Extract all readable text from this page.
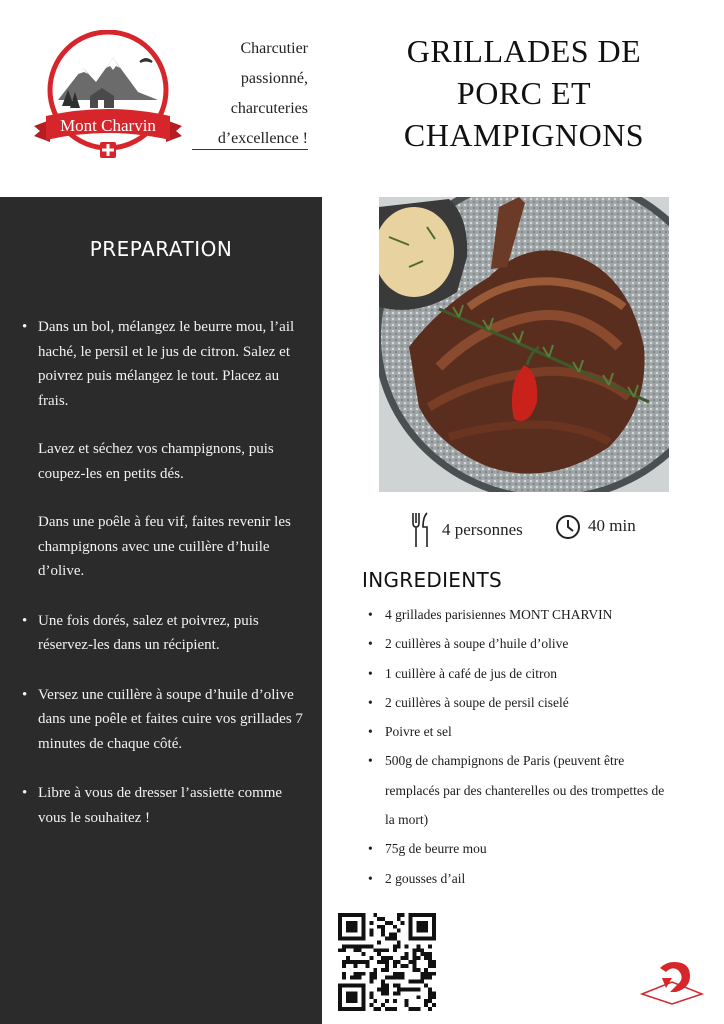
Mont Charvin
Charcutier
passionné,
charcuteries
d’excellence !
GRILLADES DE
PORC ET
CHAMPIGNONS
PREPARATION
• Dans un bol, mélangez le beurre mou, l’ail haché, le persil et le jus de citron. Salez et poivrez puis mélangez le tout. Placez au frais.
Lavez et séchez vos champignons, puis coupez-les en petits dés.
Dans une poêle à feu vif, faites revenir les champignons avec une cuillère d’huile d’olive.
• Une fois dorés, salez et poivrez, puis réservez-les dans un récipient.
• Versez une cuillère à soupe d’huile d’olive dans une poêle et faites cuire vos grillades 7 minutes de chaque côté.
• Libre à vous de dresser l’assiette comme vous le souhaitez !
4 personnes	40 min
INGREDIENTS
• 4 grillades parisiennes MONT CHARVIN
• 2 cuillères à soupe d’huile d’olive
• 1 cuillère à café de jus de citron
• 2 cuillères à soupe de persil ciselé
• Poivre et sel
• 500g de champignons de Paris (peuvent être remplacés par des chanterelles ou des trompettes de la mort)
• 75g de beurre mou
• 2 gousses d’ail
